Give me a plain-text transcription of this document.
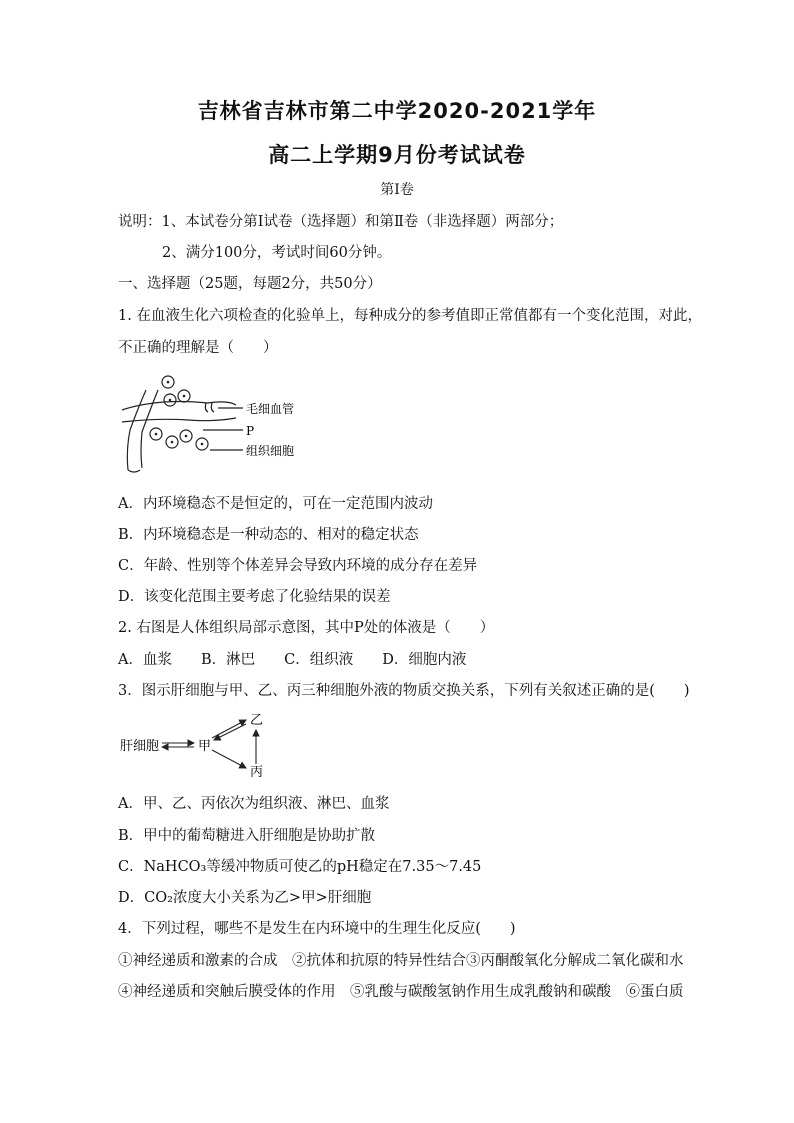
吉林省吉林市第二中学2020-2021学年
高二上学期9月份考试试卷
第Ⅰ卷
说明：1、本试卷分第Ⅰ试卷（选择题）和第Ⅱ卷（非选择题）两部分；
2、满分100分，考试时间60分钟。
一、选择题（25题，每题2分，共50分）
1. 在血液生化六项检查的化验单上，每种成分的参考值即正常值都有一个变化范围，对此，
不正确的理解是（　　）
毛细血管
P
组织细胞
A．内环境稳态不是恒定的，可在一定范围内波动
B．内环境稳态是一种动态的、相对的稳定状态
C．年龄、性别等个体差异会导致内环境的成分存在差异
D．该变化范围主要考虑了化验结果的误差
2. 右图是人体组织局部示意图，其中P处的体液是（　　）
A．血浆　　B．淋巴　　C．组织液　　D．细胞内液
3．图示肝细胞与甲、乙、丙三种细胞外液的物质交换关系，下列有关叙述正确的是(　　)
肝细胞	甲
乙
丙
A．甲、乙、丙依次为组织液、淋巴、血浆
B．甲中的葡萄糖进入肝细胞是协助扩散
C．NaHCO₃等缓冲物质可使乙的pH稳定在7.35～7.45
D．CO₂浓度大小关系为乙>甲>肝细胞
4．下列过程，哪些不是发生在内环境中的生理生化反应(　　)
①神经递质和激素的合成　②抗体和抗原的特异性结合③丙酮酸氧化分解成二氧化碳和水
④神经递质和突触后膜受体的作用　⑤乳酸与碳酸氢钠作用生成乳酸钠和碳酸　⑥蛋白质
